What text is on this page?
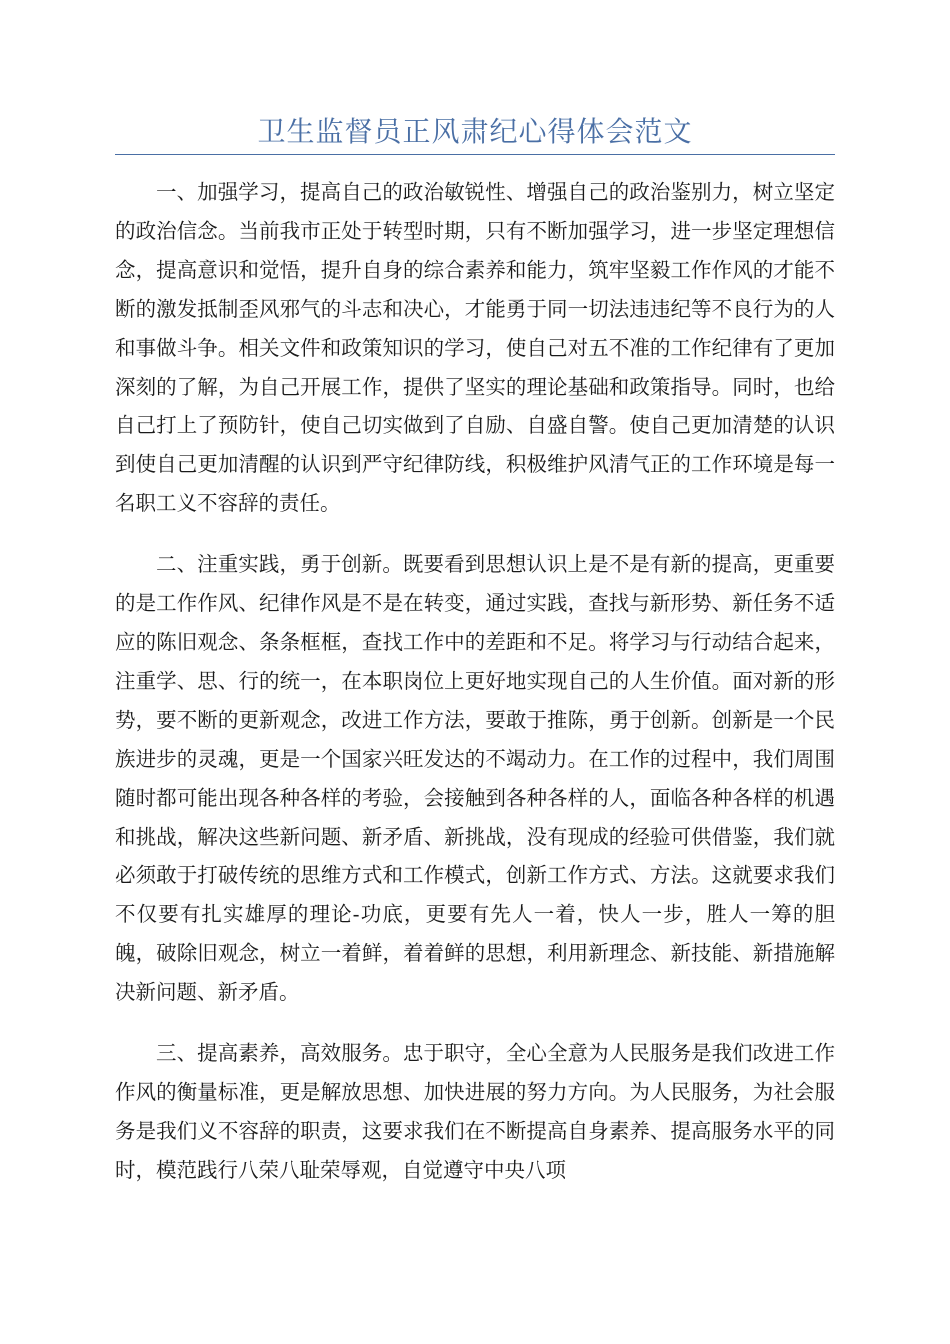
卫生监督员正风肃纪心得体会范文

一、加强学习，提高自己的政治敏锐性、增强自己的政治鉴别力，树立坚定的政治信念。当前我市正处于转型时期，只有不断加强学习，进一步坚定理想信念，提高意识和觉悟，提升自身的综合素养和能力，筑牢坚毅工作作风的才能不断的激发抵制歪风邪气的斗志和决心，才能勇于同一切法违违纪等不良行为的人和事做斗争。相关文件和政策知识的学习，使自己对五不准的工作纪律有了更加深刻的了解，为自己开展工作，提供了坚实的理论基础和政策指导。同时，也给自己打上了预防针，使自己切实做到了自励、自盛自警。使自己更加清楚的认识到使自己更加清醒的认识到严守纪律防线，积极维护风清气正的工作环境是每一名职工义不容辞的责任。

二、注重实践，勇于创新。既要看到思想认识上是不是有新的提高，更重要的是工作作风、纪律作风是不是在转变，通过实践，查找与新形势、新任务不适应的陈旧观念、条条框框，查找工作中的差距和不足。将学习与行动结合起来，注重学、思、行的统一，在本职岗位上更好地实现自己的人生价值。面对新的形势，要不断的更新观念，改进工作方法，要敢于推陈，勇于创新。创新是一个民族进步的灵魂，更是一个国家兴旺发达的不竭动力。在工作的过程中，我们周围随时都可能出现各种各样的考验，会接触到各种各样的人，面临各种各样的机遇和挑战，解决这些新问题、新矛盾、新挑战，没有现成的经验可供借鉴，我们就必须敢于打破传统的思维方式和工作模式，创新工作方式、方法。这就要求我们不仅要有扎实雄厚的理论-功底，更要有先人一着，快人一步，胜人一筹的胆魄，破除旧观念，树立一着鲜，着着鲜的思想，利用新理念、新技能、新措施解决新问题、新矛盾。

三、提高素养，高效服务。忠于职守，全心全意为人民服务是我们改进工作作风的衡量标准，更是解放思想、加快进展的努力方向。为人民服务，为社会服务是我们义不容辞的职责，这要求我们在不断提高自身素养、提高服务水平的同时，模范践行八荣八耻荣辱观，自觉遵守中央八项
